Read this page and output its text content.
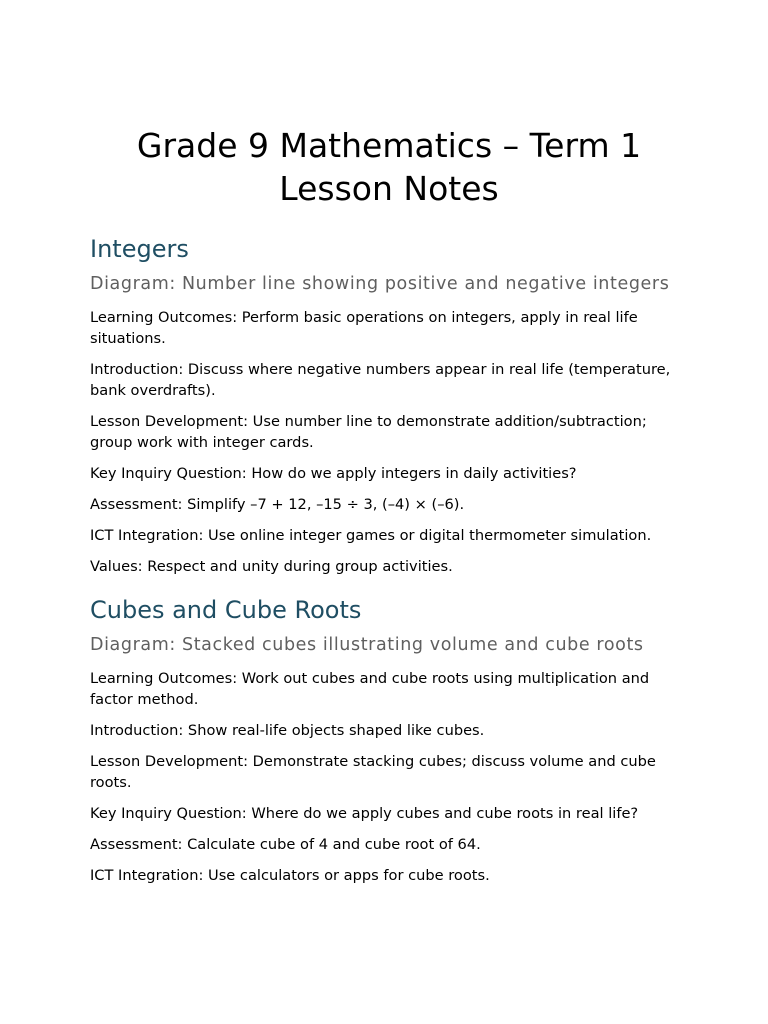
Grade 9 Mathematics – Term 1
Lesson Notes
Integers
Diagram: Number line showing positive and negative integers

Learning Outcomes: Perform basic operations on integers, apply in real life situations.

Introduction: Discuss where negative numbers appear in real life (temperature, bank overdrafts).

Lesson Development: Use number line to demonstrate addition/subtraction; group work with integer cards.

Key Inquiry Question: How do we apply integers in daily activities?

Assessment: Simplify –7 + 12, –15 ÷ 3, (–4) × (–6).

ICT Integration: Use online integer games or digital thermometer simulation.

Values: Respect and unity during group activities.

Cubes and Cube Roots
Diagram: Stacked cubes illustrating volume and cube roots

Learning Outcomes: Work out cubes and cube roots using multiplication and factor method.

Introduction: Show real-life objects shaped like cubes.

Lesson Development: Demonstrate stacking cubes; discuss volume and cube roots.

Key Inquiry Question: Where do we apply cubes and cube roots in real life?

Assessment: Calculate cube of 4 and cube root of 64.

ICT Integration: Use calculators or apps for cube roots.
